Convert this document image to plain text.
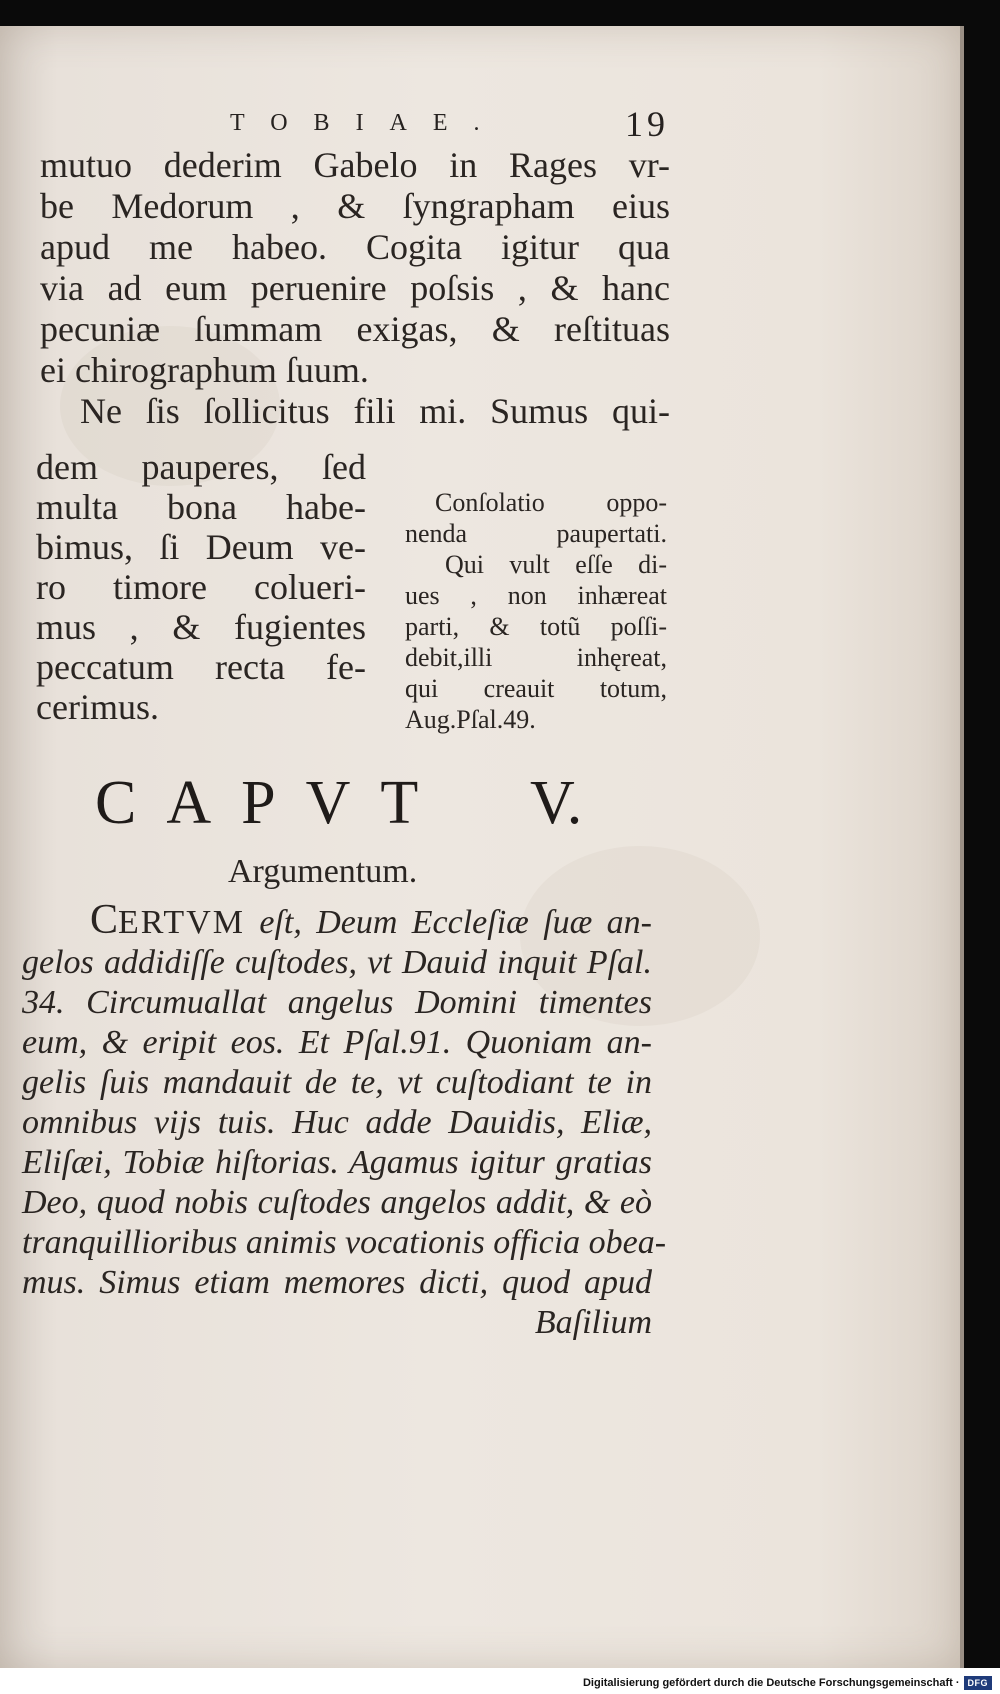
TOBIAE.	19
mutuo dederim Gabelo in Rages vr-
be Medorum , & ſyngrapham eius
apud me habeo. Cogita igitur qua
via ad eum peruenire poſsis , & hanc
pecuniæ ſummam exigas, & reſtituas
ei chirographum ſuum.
Ne ſis ſollicitus fili mi. Sumus qui-
dem pauperes, ſed
multa bona habe-
bimus, ſi Deum ve-
ro timore colueri-
mus , & fugientes
peccatum recta fe-
cerimus.
Conſolatio oppo-
nenda paupertati.
Qui vult eſſe di-
ues , non inhæreat
parti, & totũ poſſi-
debit,illi inhęreat,
qui creauit totum,
Aug.Pſal.49.
CAPVT	V.
Argumentum.
CERTVM eſt, Deum Eccleſiæ ſuæ an-
gelos addidiſſe cuſtodes, vt Dauid inquit Pſal.
34. Circumuallat angelus Domini timentes
eum, & eripit eos. Et Pſal.91. Quoniam an-
gelis ſuis mandauit de te, vt cuſtodiant te in
omnibus vijs tuis. Huc adde Dauidis, Eliæ,
Eliſæi, Tobiæ hiſtorias. Agamus igitur gratias
Deo, quod nobis cuſtodes angelos addit, & eò
tranquillioribus animis vocationis officia obea-
mus. Simus etiam memores dicti, quod apud
Baſilium
Digitalisierung gefördert durch die Deutsche Forschungsgemeinschaft · DFG
